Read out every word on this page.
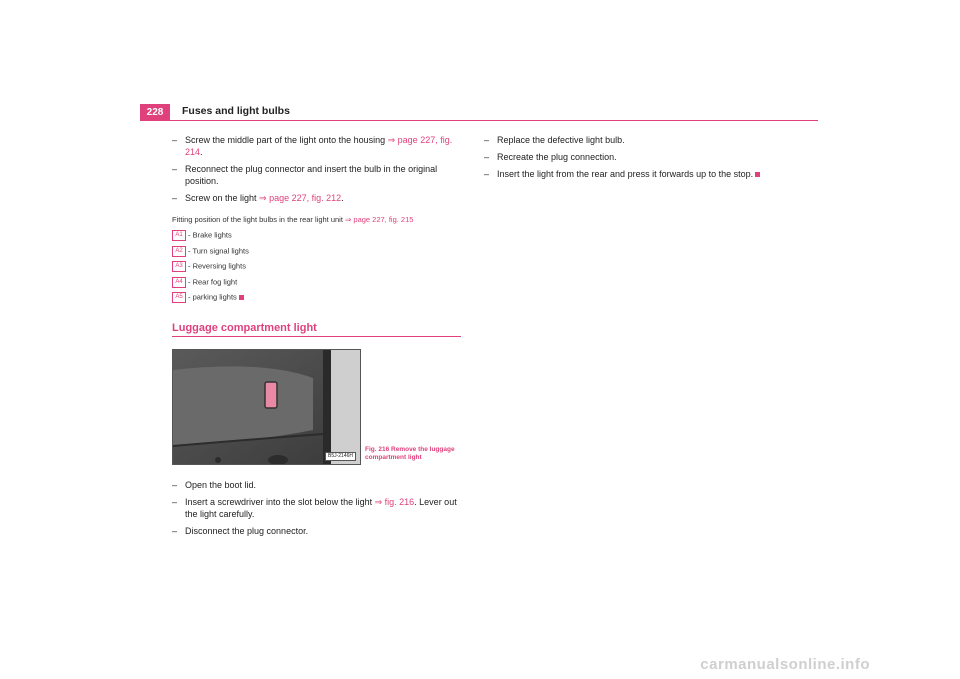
228	Fuses and light bulbs
– Screw the middle part of the light onto the housing ⇒ page 227, fig. 214.
– Reconnect the plug connector and insert the bulb in the original position.
– Screw on the light ⇒ page 227, fig. 212.
Fitting position of the light bulbs in the rear light unit ⇒ page 227, fig. 215
A1 - Brake lights
A2 - Turn signal lights
A3 - Reversing lights
A4 - Rear fog light
A5 - parking lights
Luggage compartment light
B5J-2146H
Fig. 216 Remove the luggage compartment light
– Open the boot lid.
– Insert a screwdriver into the slot below the light ⇒ fig. 216. Lever out the light carefully.
– Disconnect the plug connector.
– Replace the defective light bulb.
– Recreate the plug connection.
– Insert the light from the rear and press it forwards up to the stop.
carmanualsonline.info
